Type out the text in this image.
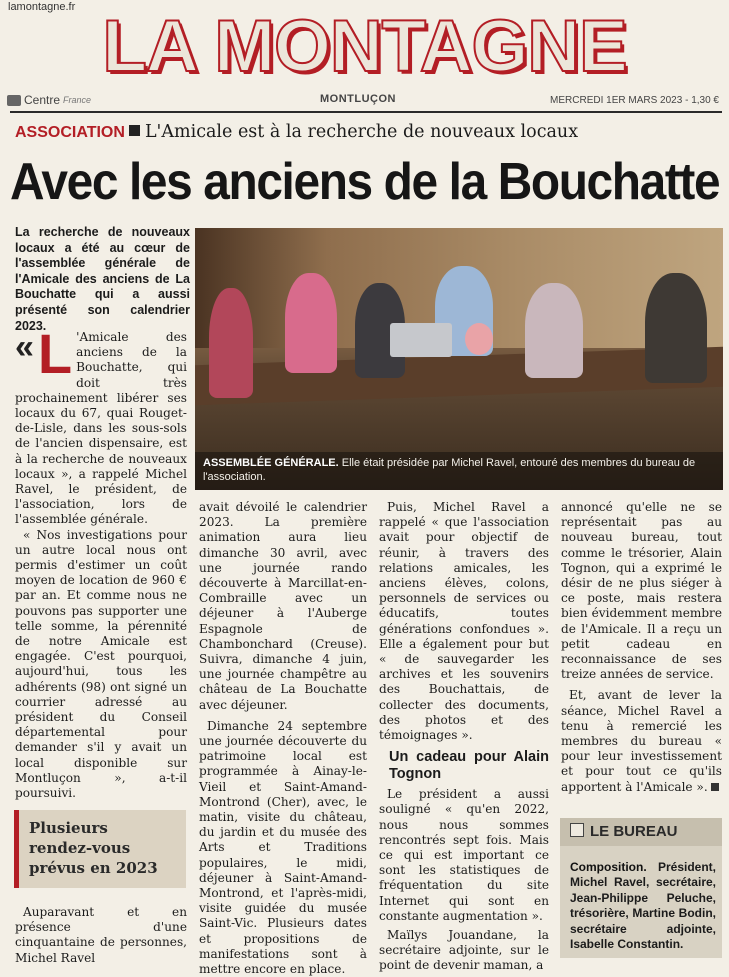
lamontagne.fr LA MONTAGNE
Centre France	MONTLUÇON	MERCREDI 1ER MARS 2023 - 1,30 €
ASSOCIATION L'Amicale est à la recherche de nouveaux locaux
Avec les anciens de la Bouchatte
La recherche de nouveaux locaux a été au cœur de l'assemblée générale de l'Amicale des anciens de La Bouchatte qui a aussi présenté son calendrier 2023.
ASSEMBLÉE GÉNÉRALE. Elle était présidée par Michel Ravel, entouré des membres du bureau de l'association.
« L 'Amicale des anciens de la Bouchatte, qui doit très prochainement libérer ses locaux du 67, quai Rouget-de-Lisle, dans les sous-sols de l'ancien dispensaire, est à la recherche de nouveaux locaux », a rappelé Michel Ravel, le président, de l'association, lors de l'assemblée générale.

« Nos investigations pour un autre local nous ont permis d'estimer un coût moyen de location de 960 € par an. Et comme nous ne pouvons pas supporter une telle somme, la pérennité de notre Amicale est engagée. C'est pourquoi, aujourd'hui, tous les adhérents (98) ont signé un courrier adressé au président du Conseil départemental pour demander s'il y avait un local disponible sur Montluçon », a-t-il poursuivi.

Plusieurs rendez-vous prévus en 2023

Auparavant et en présence d'une cinquantaine de personnes, Michel Ravel

avait dévoilé le calendrier 2023. La première animation aura lieu dimanche 30 avril, avec une journée rando découverte à Marcillat-en-Combraille avec un déjeuner à l'Auberge Espagnole de Chambonchard (Creuse). Suivra, dimanche 4 juin, une journée champêtre au château de La Bouchatte avec déjeuner.

Dimanche 24 septembre une journée découverte du patrimoine local est programmée à Ainay-le-Vieil et Saint-Amand-Montrond (Cher), avec, le matin, visite du château, du jardin et du musée des Arts et Traditions populaires, le midi, déjeuner à Saint-Amand-Montrond, et l'après-midi, visite guidée du musée Saint-Vic. Plusieurs dates et propositions de manifestations sont à mettre encore en place.

Puis, Michel Ravel a rappelé « que l'association avait pour objectif de réunir, à travers des relations amicales, les anciens élèves, colons, personnels de services ou éducatifs, toutes générations confondues ». Elle a également pour but « de sauvegarder les archives et les souvenirs des Bouchattais, de collecter des documents, des photos et des témoignages ».

Un cadeau pour Alain Tognon

Le président a aussi souligné « qu'en 2022, nous nous sommes rencontrés sept fois. Mais ce qui est important ce sont les statistiques de fréquentation du site Internet qui sont en constante augmentation ».

Maïlys Jouandane, la secrétaire adjointe, sur le point de devenir maman, a

annoncé qu'elle ne se représentait pas au nouveau bureau, tout comme le trésorier, Alain Tognon, qui a exprimé le désir de ne plus siéger à ce poste, mais restera bien évidemment membre de l'Amicale. Il a reçu un petit cadeau en reconnaissance de ses treize années de service.

Et, avant de lever la séance, Michel Ravel a tenu à remercié les membres du bureau « pour leur investissement et pour tout ce qu'ils apportent à l'Amicale ».

LE BUREAU
Composition. Président, Michel Ravel, secrétaire, Jean-Philippe Peluche, trésorière, Martine Bodin, secrétaire adjointe, Isabelle Constantin.
